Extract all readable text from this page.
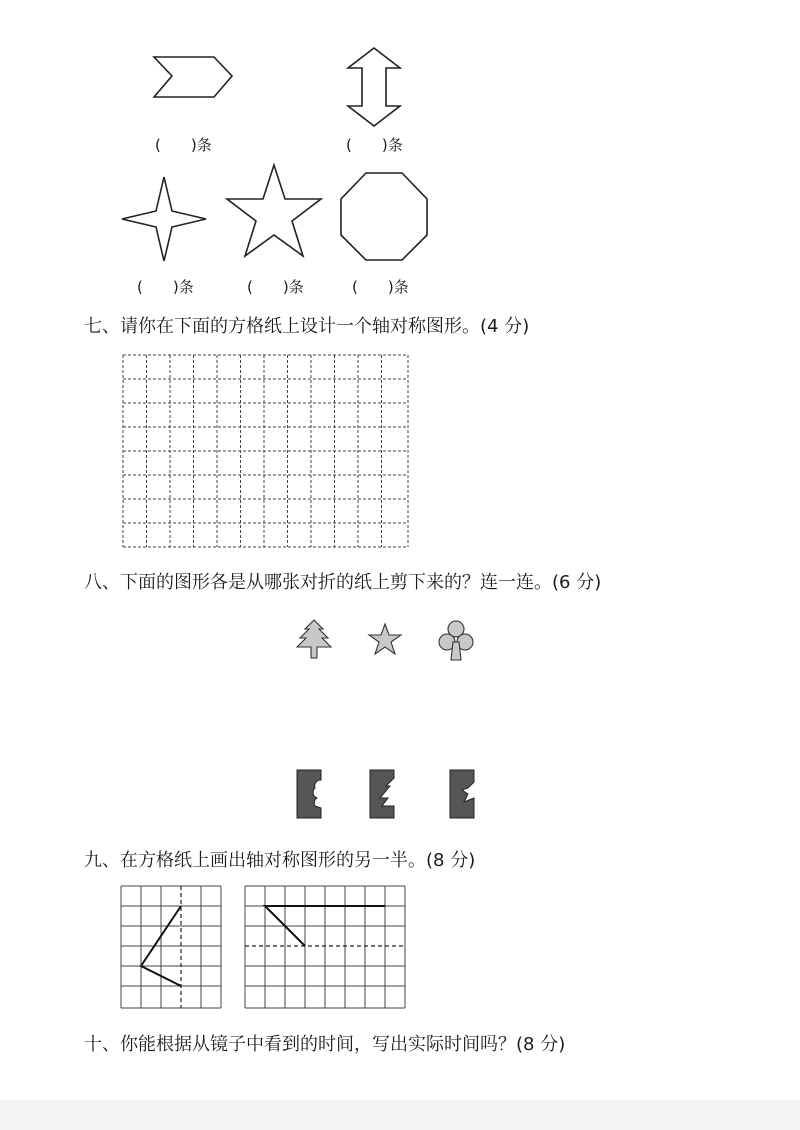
(　　)条	(　　)条
(　　)条	(　　)条	(　　)条
七、请你在下面的方格纸上设计一个轴对称图形。(4 分)
八、下面的图形各是从哪张对折的纸上剪下来的？连一连。(6 分)
九、在方格纸上画出轴对称图形的另一半。(8 分)
十、你能根据从镜子中看到的时间，写出实际时间吗？(8 分)
